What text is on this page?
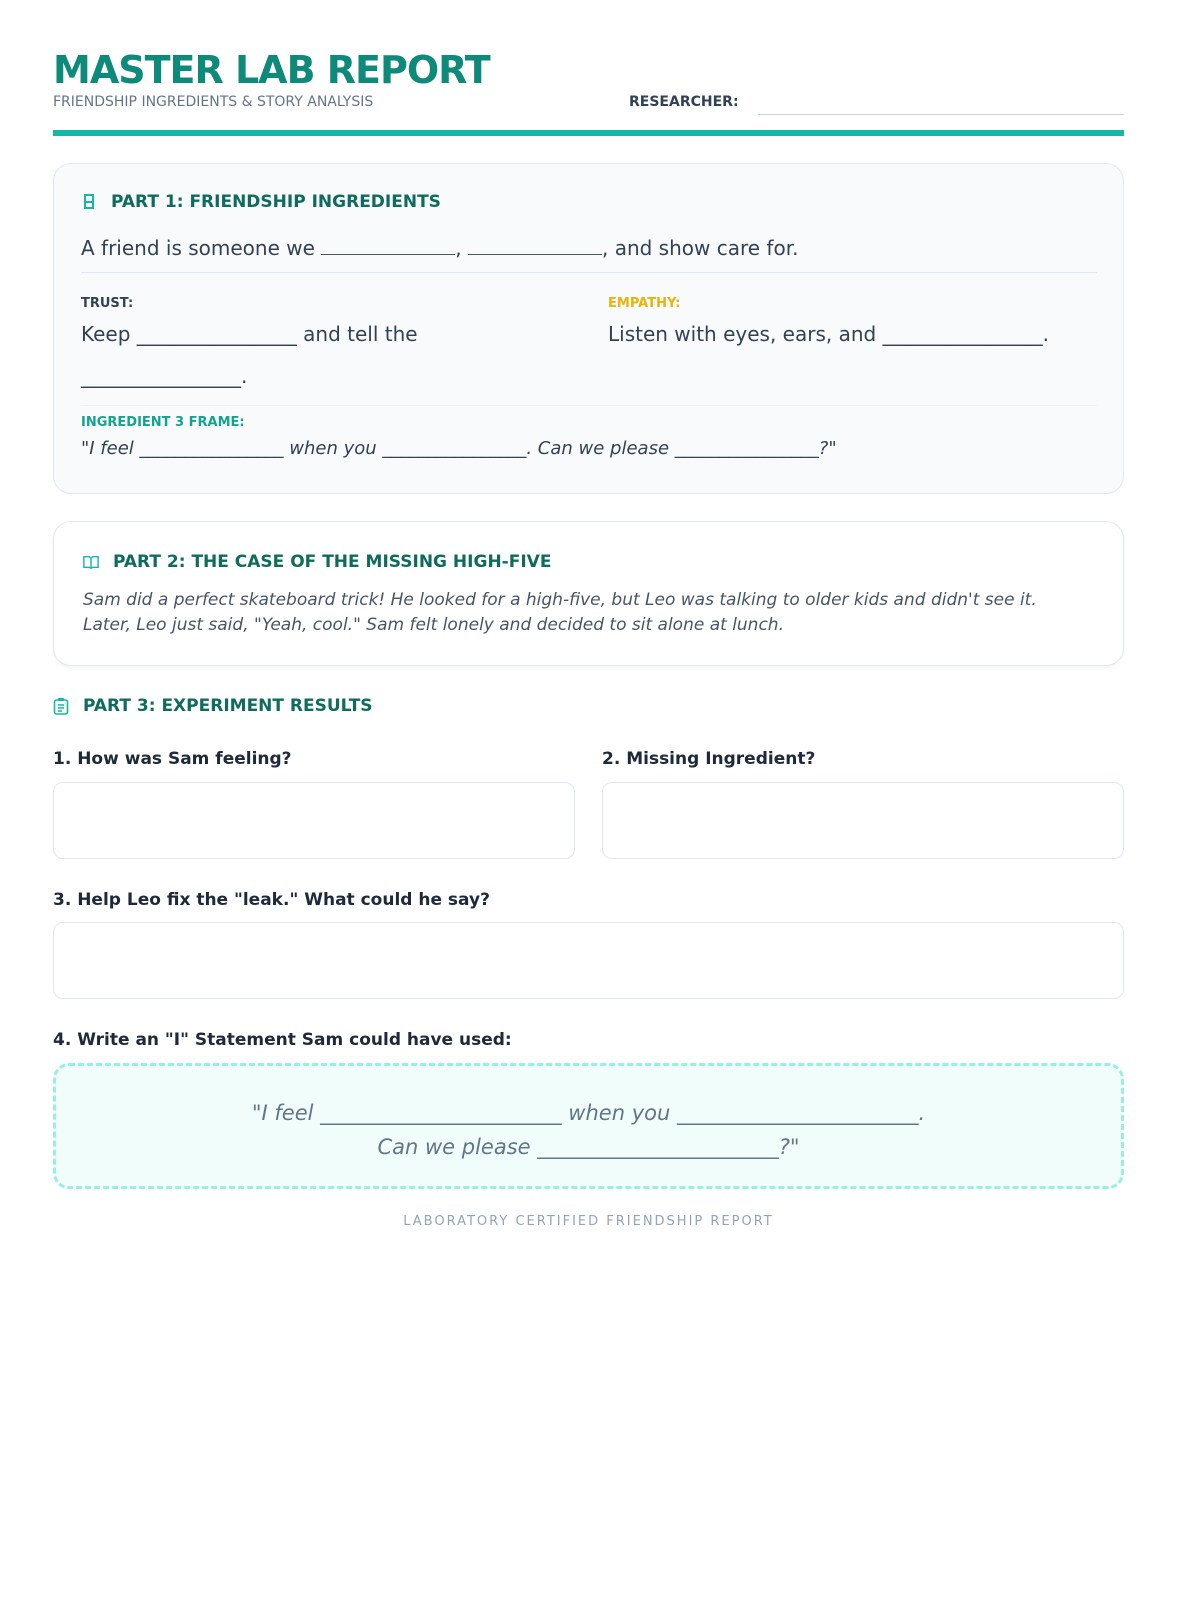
MASTER LAB REPORT
FRIENDSHIP INGREDIENTS & STORY ANALYSIS	RESEARCHER:
PART 1: FRIENDSHIP INGREDIENTS
A friend is someone we	,	, and show care for.
TRUST:
Keep ________________ and tell the ________________.
EMPATHY:
Listen with eyes, ears, and ________________.
INGREDIENT 3 FRAME:
"I feel ________________ when you ________________. Can we please ________________?"
PART 2: THE CASE OF THE MISSING HIGH-FIVE
Sam did a perfect skateboard trick! He looked for a high-five, but Leo was talking to older kids and didn't see it. Later, Leo just said, "Yeah, cool." Sam felt lonely and decided to sit alone at lunch.
PART 3: EXPERIMENT RESULTS
1. How was Sam feeling?	2. Missing Ingredient?
3. Help Leo fix the "leak." What could he say?
4. Write an "I" Statement Sam could have used:
"I feel _______________________ when you _______________________.
Can we please _______________________?"
LABORATORY CERTIFIED FRIENDSHIP REPORT
